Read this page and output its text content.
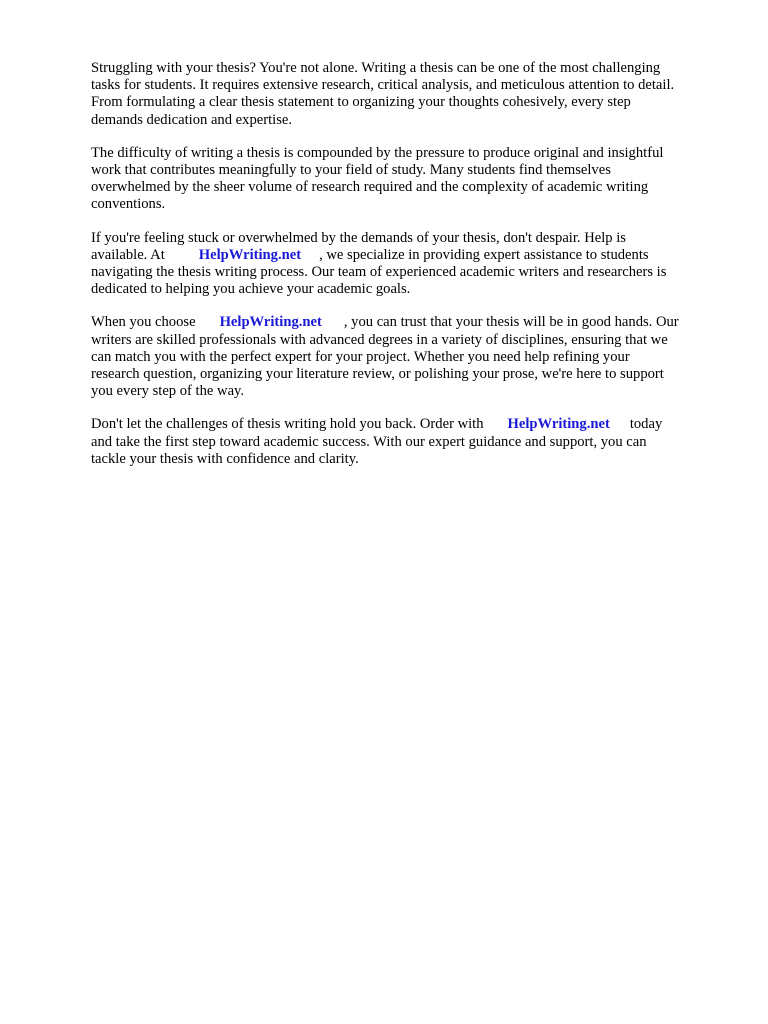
Struggling with your thesis? You're not alone. Writing a thesis can be one of the most challenging
tasks for students. It requires extensive research, critical analysis, and meticulous attention to detail.
From formulating a clear thesis statement to organizing your thoughts cohesively, every step
demands dedication and expertise.

The difficulty of writing a thesis is compounded by the pressure to produce original and insightful
work that contributes meaningfully to your field of study. Many students find themselves
overwhelmed by the sheer volume of research required and the complexity of academic writing
conventions.

If you're feeling stuck or overwhelmed by the demands of your thesis, don't despair. Help is
available. At HelpWriting.net , we specialize in providing expert assistance to students
navigating the thesis writing process. Our team of experienced academic writers and researchers is
dedicated to helping you achieve your academic goals.

When you choose HelpWriting.net , you can trust that your thesis will be in good hands. Our
writers are skilled professionals with advanced degrees in a variety of disciplines, ensuring that we
can match you with the perfect expert for your project. Whether you need help refining your
research question, organizing your literature review, or polishing your prose, we're here to support
you every step of the way.

Don't let the challenges of thesis writing hold you back. Order with HelpWriting.net today
and take the first step toward academic success. With our expert guidance and support, you can
tackle your thesis with confidence and clarity.
